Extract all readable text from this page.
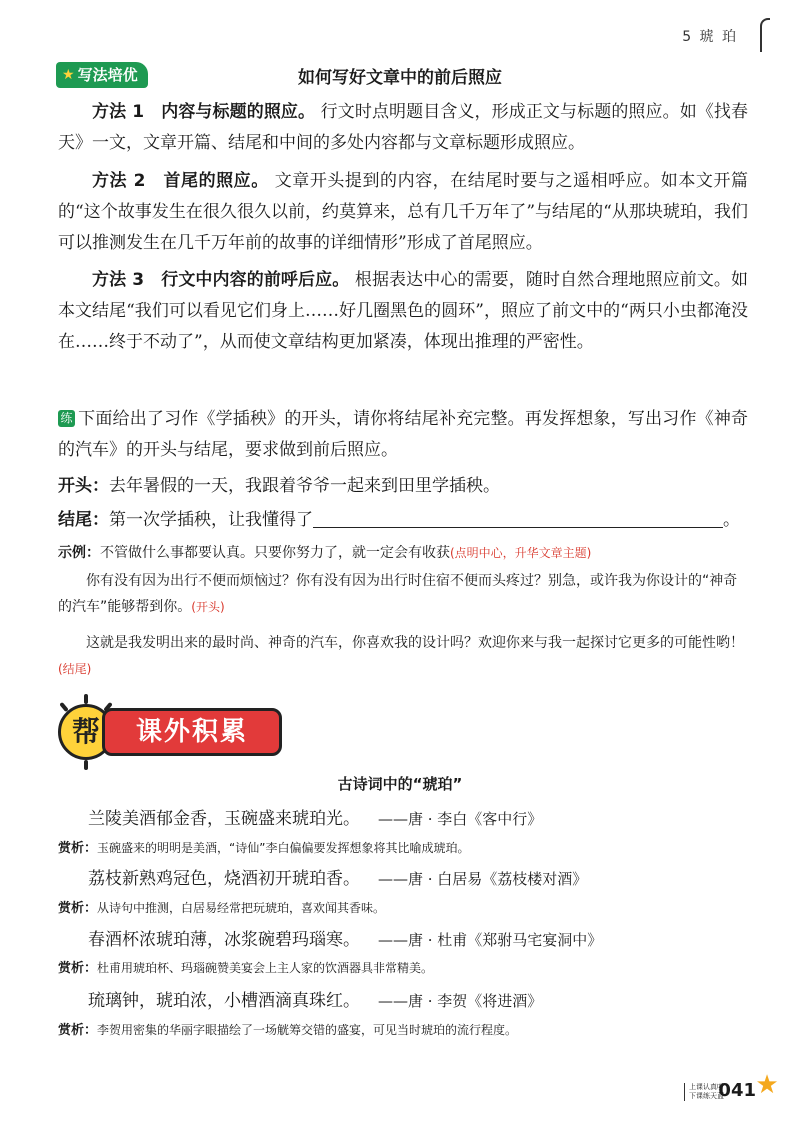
5 琥 珀
★ 写法培优	如何写好文章中的前后照应

方法 1　内容与标题的照应。 行文时点明题目含义，形成正文与标题的照应。如《找春天》一文，文章开篇、结尾和中间的多处内容都与文章标题形成照应。

方法 2　首尾的照应。 文章开头提到的内容，在结尾时要与之遥相呼应。如本文开篇的“这个故事发生在很久很久以前，约莫算来，总有几千万年了”与结尾的“从那块琥珀，我们可以推测发生在几千万年前的故事的详细情形”形成了首尾照应。

方法 3　行文中内容的前呼后应。 根据表达中心的需要，随时自然合理地照应前文。如本文结尾“我们可以看见它们身上……好几圈黑色的圆环”，照应了前文中的“两只小虫都淹没在……终于不动了”，从而使文章结构更加紧凑，体现出推理的严密性。

练 下面给出了习作《学插秧》的开头，请你将结尾补充完整。再发挥想象，写出习作《神奇的汽车》的开头与结尾，要求做到前后照应。

开头：去年暑假的一天，我跟着爷爷一起来到田里学插秧。

结尾：第一次学插秧，让我懂得了	。

示例：不管做什么事都要认真。只要你努力了，就一定会有收获(点明中心，升华文章主题)

你有没有因为出行不便而烦恼过？你有没有因为出行时住宿不便而头疼过？别急，或许我为你设计的“神奇的汽车”能够帮到你。(开头)

这就是我发明出来的最时尚、神奇的汽车，你喜欢我的设计吗？欢迎你来与我一起探讨它更多的可能性哟！(结尾)

帮	课外积累
古诗词中的“琥珀”
兰陵美酒郁金香，玉碗盛来琥珀光。 ——唐 · 李白《客中行》
赏析：玉碗盛来的明明是美酒，“诗仙”李白偏偏要发挥想象将其比喻成琥珀。
荔枝新熟鸡冠色，烧酒初开琥珀香。 ——唐 · 白居易《荔枝楼对酒》
赏析：从诗句中推测，白居易经常把玩琥珀，喜欢闻其香味。
春酒杯浓琥珀薄，冰浆碗碧玛瑙寒。 ——唐 · 杜甫《郑驸马宅宴洞中》
赏析：杜甫用琥珀杯、玛瑙碗赞美宴会上主人家的饮酒器具非常精美。
琉璃钟，琥珀浓，小槽酒滴真珠红。 ——唐 · 李贺《将进酒》
赏析：李贺用密集的华丽字眼描绘了一场觥筹交错的盛宴，可见当时琥珀的流行程度。
上课认真听
下课练天蓝
041 ★
